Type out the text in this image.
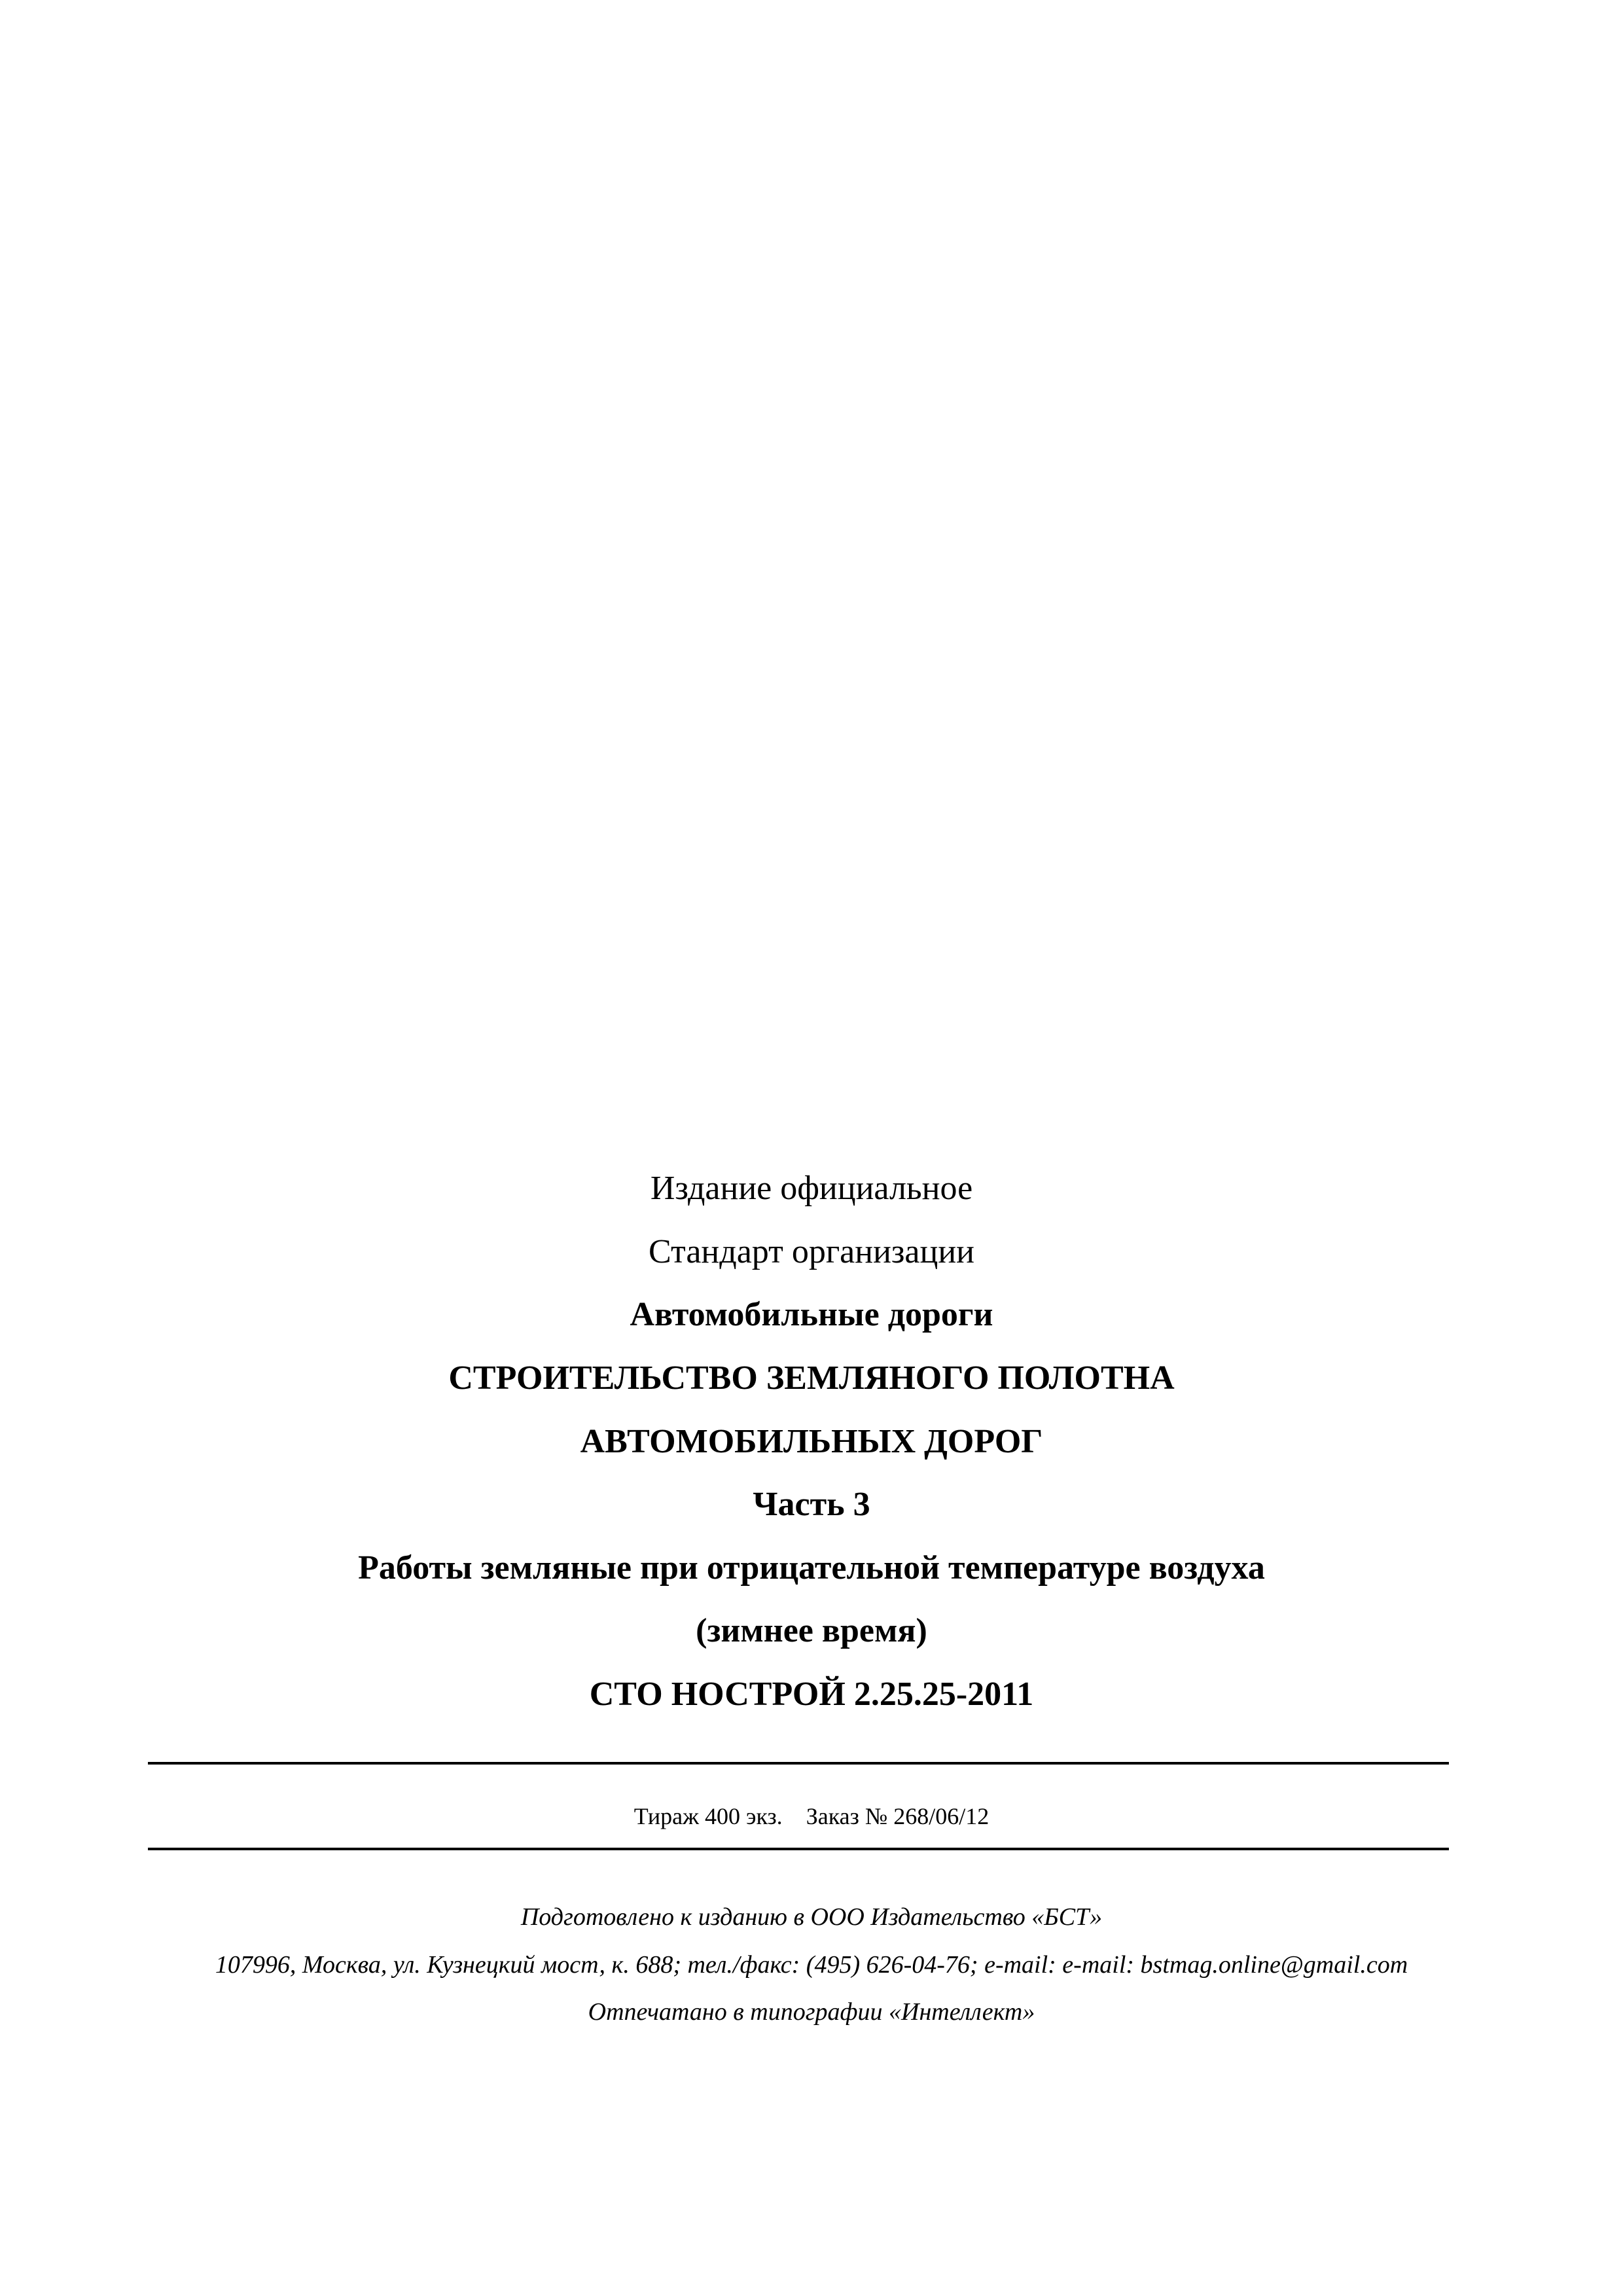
Издание официальное
Стандарт организации
Автомобильные дороги
СТРОИТЕЛЬСТВО ЗЕМЛЯНОГО ПОЛОТНА
АВТОМОБИЛЬНЫХ ДОРОГ
Часть 3
Работы земляные при отрицательной температуре воздуха
(зимнее время)
СТО НОСТРОЙ 2.25.25-2011
Тираж 400 экз. Заказ № 268/06/12
Подготовлено к изданию в ООО Издательство «БСТ»
107996, Москва, ул. Кузнецкий мост, к. 688; тел./факс: (495) 626-04-76; e-mail: e-mail: bstmag.online@gmail.com
Отпечатано в типографии «Интеллект»
